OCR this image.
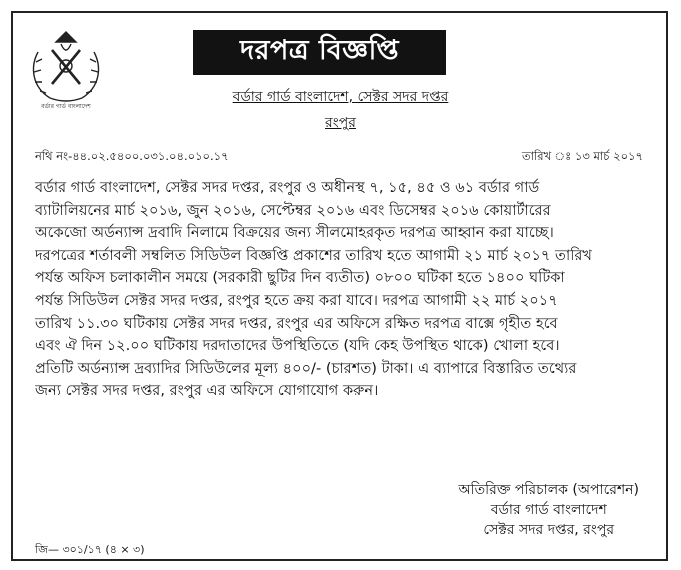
বর্ডার গার্ড বাংলাদেশ
দরপত্র বিজ্ঞপ্তি
বর্ডার গার্ড বাংলাদেশ, সেক্টর সদর দপ্তর
রংপুর
নথি নং-৪৪.০২.৫৪০০.০৩১.০৪.০১০.১৭	তারিখ ঃ ১৩ মার্চ ২০১৭
বর্ডার গার্ড বাংলাদেশ, সেক্টর সদর দপ্তর, রংপুর ও অধীনস্থ ৭, ১৫, ৪৫ ও ৬১ বর্ডার গার্ড
ব্যাটালিয়নের মার্চ ২০১৬, জুন ২০১৬, সেপ্টেম্বর ২০১৬ এবং ডিসেম্বর ২০১৬ কোয়ার্টারের
অকেজো অর্ডন্যান্স দ্রবাদি নিলামে বিক্রয়ের জন্য সীলমোহরকৃত দরপত্র আহ্বান করা যাচ্ছে।
দরপত্রের শর্তাবলী সম্বলিত সিডিউল বিজ্ঞপ্তি প্রকাশের তারিখ হতে আগামী ২১ মার্চ ২০১৭ তারিখ
পর্যন্ত অফিস চলাকালীন সময়ে (সরকারী ছুটির দিন ব্যতীত) ০৮০০ ঘটিকা হতে ১৪০০ ঘটিকা
পর্যন্ত সিডিউল সেক্টর সদর দপ্তর, রংপুর হতে ক্রয় করা যাবে। দরপত্র আগামী ২২ মার্চ ২০১৭
তারিখ ১১.৩০ ঘটিকায় সেক্টর সদর দপ্তর, রংপুর এর অফিসে রক্ষিত দরপত্র বাক্সে গৃহীত হবে
এবং ঐ দিন ১২.০০ ঘটিকায় দরদাতাদের উপস্থিতিতে (যদি কেহ উপস্থিত থাকে) খোলা হবে।
প্রতিটি অর্ডন্যান্স দ্রব্যাদির সিডিউলের মূল্য ৪০০/- (চারশত) টাকা। এ ব্যাপারে বিস্তারিত তথ্যের
জন্য সেক্টর সদর দপ্তর, রংপুর এর অফিসে যোগাযোগ করুন।
অতিরিক্ত পরিচালক (অপারেশন)
বর্ডার গার্ড বাংলাদেশ
সেক্টর সদর দপ্তর, রংপুর
জি— ৩০১/১৭ (৪ × ৩)
